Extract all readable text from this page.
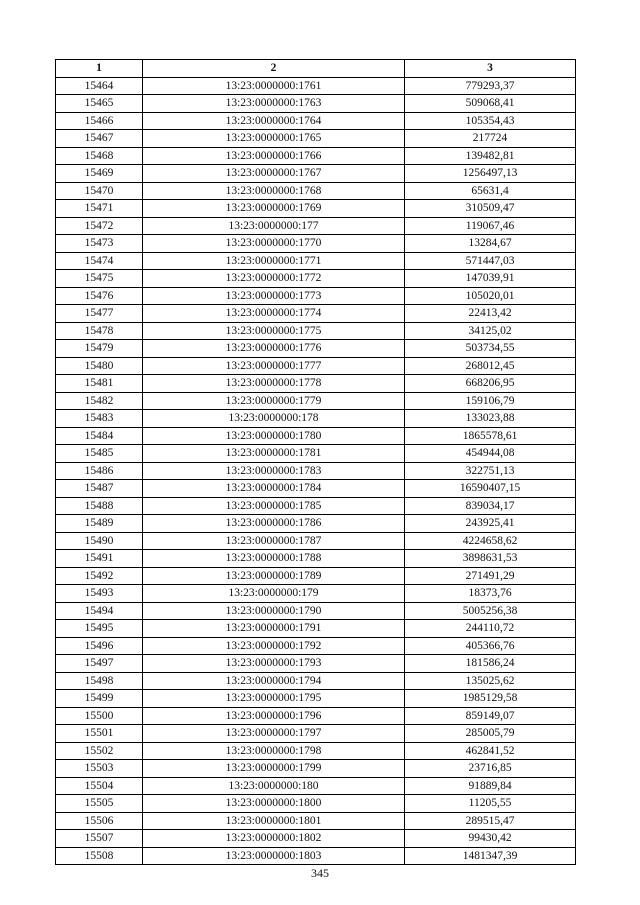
1	2	3
15464	13:23:0000000:1761	779293,37
15465	13:23:0000000:1763	509068,41
15466	13:23:0000000:1764	105354,43
15467	13:23:0000000:1765	217724
15468	13:23:0000000:1766	139482,81
15469	13:23:0000000:1767	1256497,13
15470	13:23:0000000:1768	65631,4
15471	13:23:0000000:1769	310509,47
15472	13:23:0000000:177	119067,46
15473	13:23:0000000:1770	13284,67
15474	13:23:0000000:1771	571447,03
15475	13:23:0000000:1772	147039,91
15476	13:23:0000000:1773	105020,01
15477	13:23:0000000:1774	22413,42
15478	13:23:0000000:1775	34125,02
15479	13:23:0000000:1776	503734,55
15480	13:23:0000000:1777	268012,45
15481	13:23:0000000:1778	668206,95
15482	13:23:0000000:1779	159106,79
15483	13:23:0000000:178	133023,88
15484	13:23:0000000:1780	1865578,61
15485	13:23:0000000:1781	454944,08
15486	13:23:0000000:1783	322751,13
15487	13:23:0000000:1784	16590407,15
15488	13:23:0000000:1785	839034,17
15489	13:23:0000000:1786	243925,41
15490	13:23:0000000:1787	4224658,62
15491	13:23:0000000:1788	3898631,53
15492	13:23:0000000:1789	271491,29
15493	13:23:0000000:179	18373,76
15494	13:23:0000000:1790	5005256,38
15495	13:23:0000000:1791	244110,72
15496	13:23:0000000:1792	405366,76
15497	13:23:0000000:1793	181586,24
15498	13:23:0000000:1794	135025,62
15499	13:23:0000000:1795	1985129,58
15500	13:23:0000000:1796	859149,07
15501	13:23:0000000:1797	285005,79
15502	13:23:0000000:1798	462841,52
15503	13:23:0000000:1799	23716,85
15504	13:23:0000000:180	91889,84
15505	13:23:0000000:1800	11205,55
15506	13:23:0000000:1801	289515,47
15507	13:23:0000000:1802	99430,42
15508	13:23:0000000:1803	1481347,39
345
